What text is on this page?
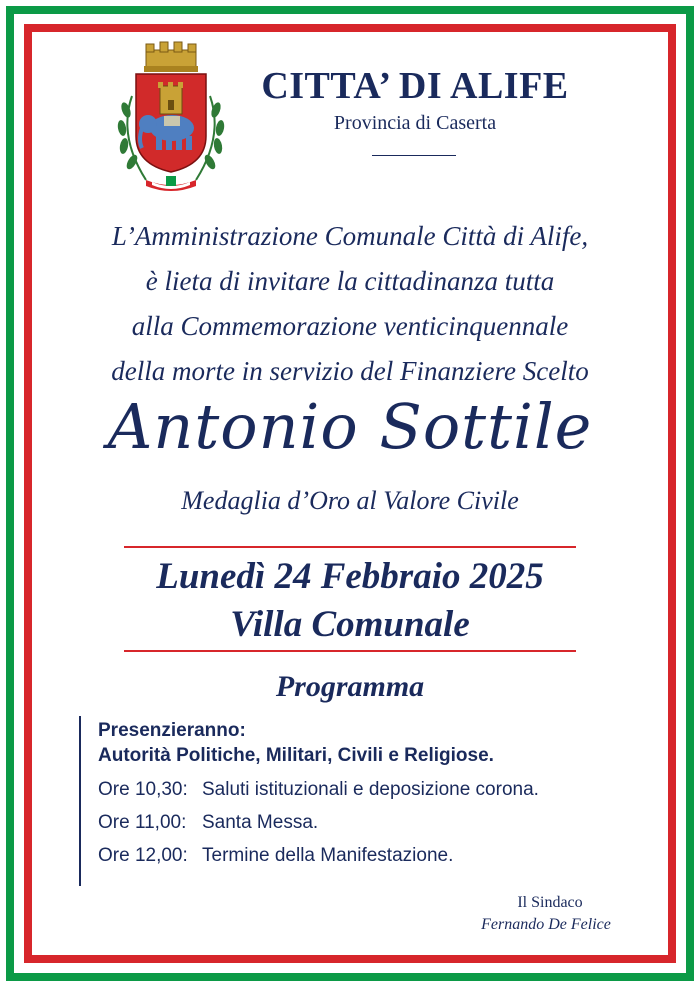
CITTA’ DI ALIFE
Provincia di Caserta
L’Amministrazione Comunale Città di Alife,
è lieta di invitare la cittadinanza tutta
alla Commemorazione venticinquennale
della morte in servizio del Finanziere Scelto
Antonio Sottile
Medaglia d’Oro al Valore Civile
Lunedì 24 Febbraio 2025
Villa Comunale
Programma
Presenzieranno:
Autorità Politiche, Militari, Civili e Religiose.
Ore 10,30: Saluti istituzionali e deposizione corona.
Ore 11,00: Santa Messa.
Ore 12,00: Termine della Manifestazione.
Il Sindaco
Fernando De Felice
